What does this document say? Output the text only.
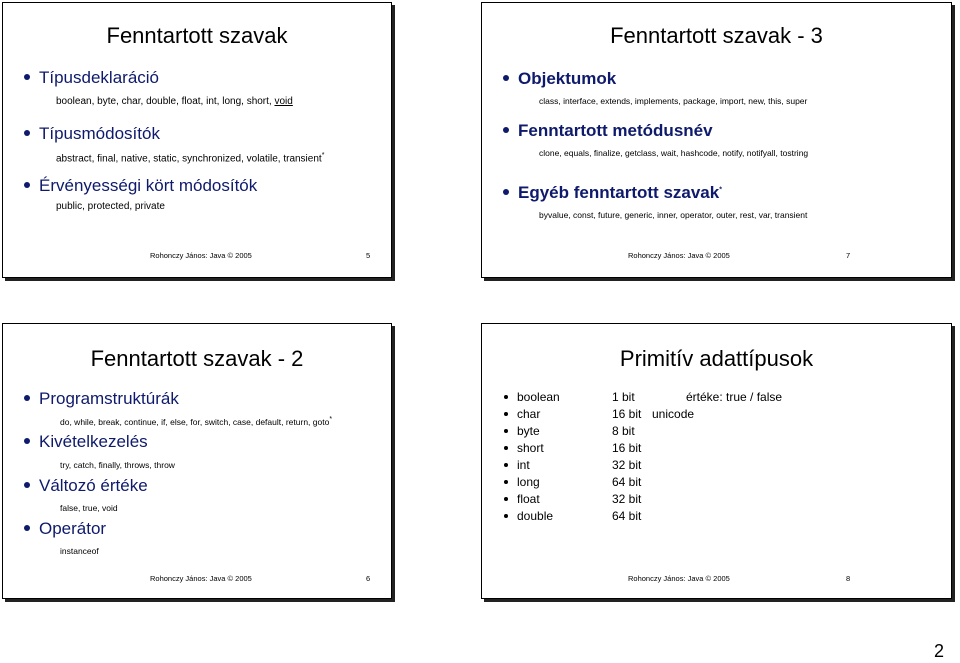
Fenntartott szavak
Típusdeklaráció
boolean, byte, char, double, float, int, long, short, void
Típusmódosítók
abstract, final, native, static, synchronized, volatile, transient*
Érvényességi kört módosítók
public, protected, private
Rohonczy János: Java © 2005	5
Fenntartott szavak - 3
Objektumok
class, interface, extends, implements, package, import, new, this, super
Fenntartott metódusnév
clone, equals, finalize, getclass, wait, hashcode, notify, notifyall, tostring
Egyéb fenntartott szavak*
byvalue, const, future, generic, inner, operator, outer, rest, var, transient
Rohonczy János: Java © 2005	7
Fenntartott szavak - 2
Programstruktúrák
do, while, break, continue, if, else, for, switch, case, default, return, goto*
Kivételkezelés
try, catch, finally, throws, throw
Változó értéke
false, true, void
Operátor
instanceof
Rohonczy János: Java © 2005	6
Primitív adattípusok
boolean	1 bit	értéke: true / false
char	16 bit unicode
byte	8 bit
short	16 bit
int	32 bit
long	64 bit
float	32 bit
double	64 bit
Rohonczy János: Java © 2005	8
2
